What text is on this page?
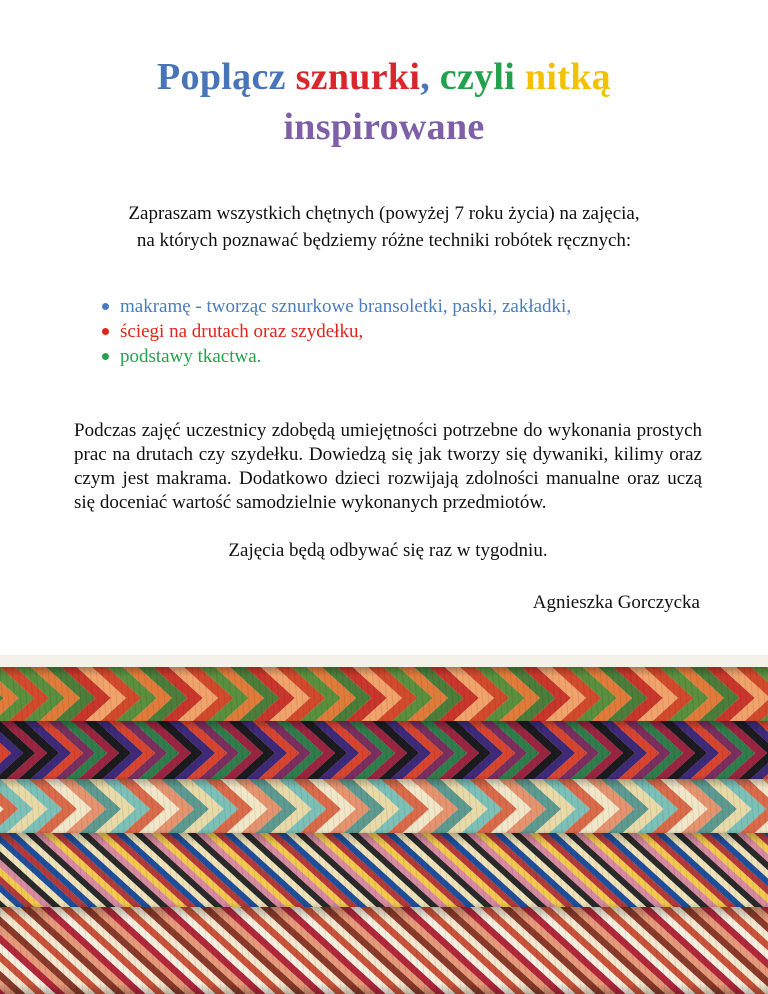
Poplącz sznurki, czyli nitką
inspirowane
Zapraszam wszystkich chętnych (powyżej 7 roku życia) na zajęcia,
na których poznawać będziemy różne techniki robótek ręcznych:
makramę - tworząc sznurkowe bransoletki, paski, zakładki,
ściegi na drutach oraz szydełku,
podstawy tkactwa.

Podczas zajęć uczestnicy zdobędą umiejętności potrzebne do wykonania prostych prac na drutach czy szydełku. Dowiedzą się jak tworzy się dywaniki, kilimy oraz czym jest makrama. Dodatkowo dzieci rozwijają zdolności manualne oraz uczą się doceniać wartość samodzielnie wykonanych przedmiotów.

Zajęcia będą odbywać się raz w tygodniu.
Agnieszka Gorczycka
